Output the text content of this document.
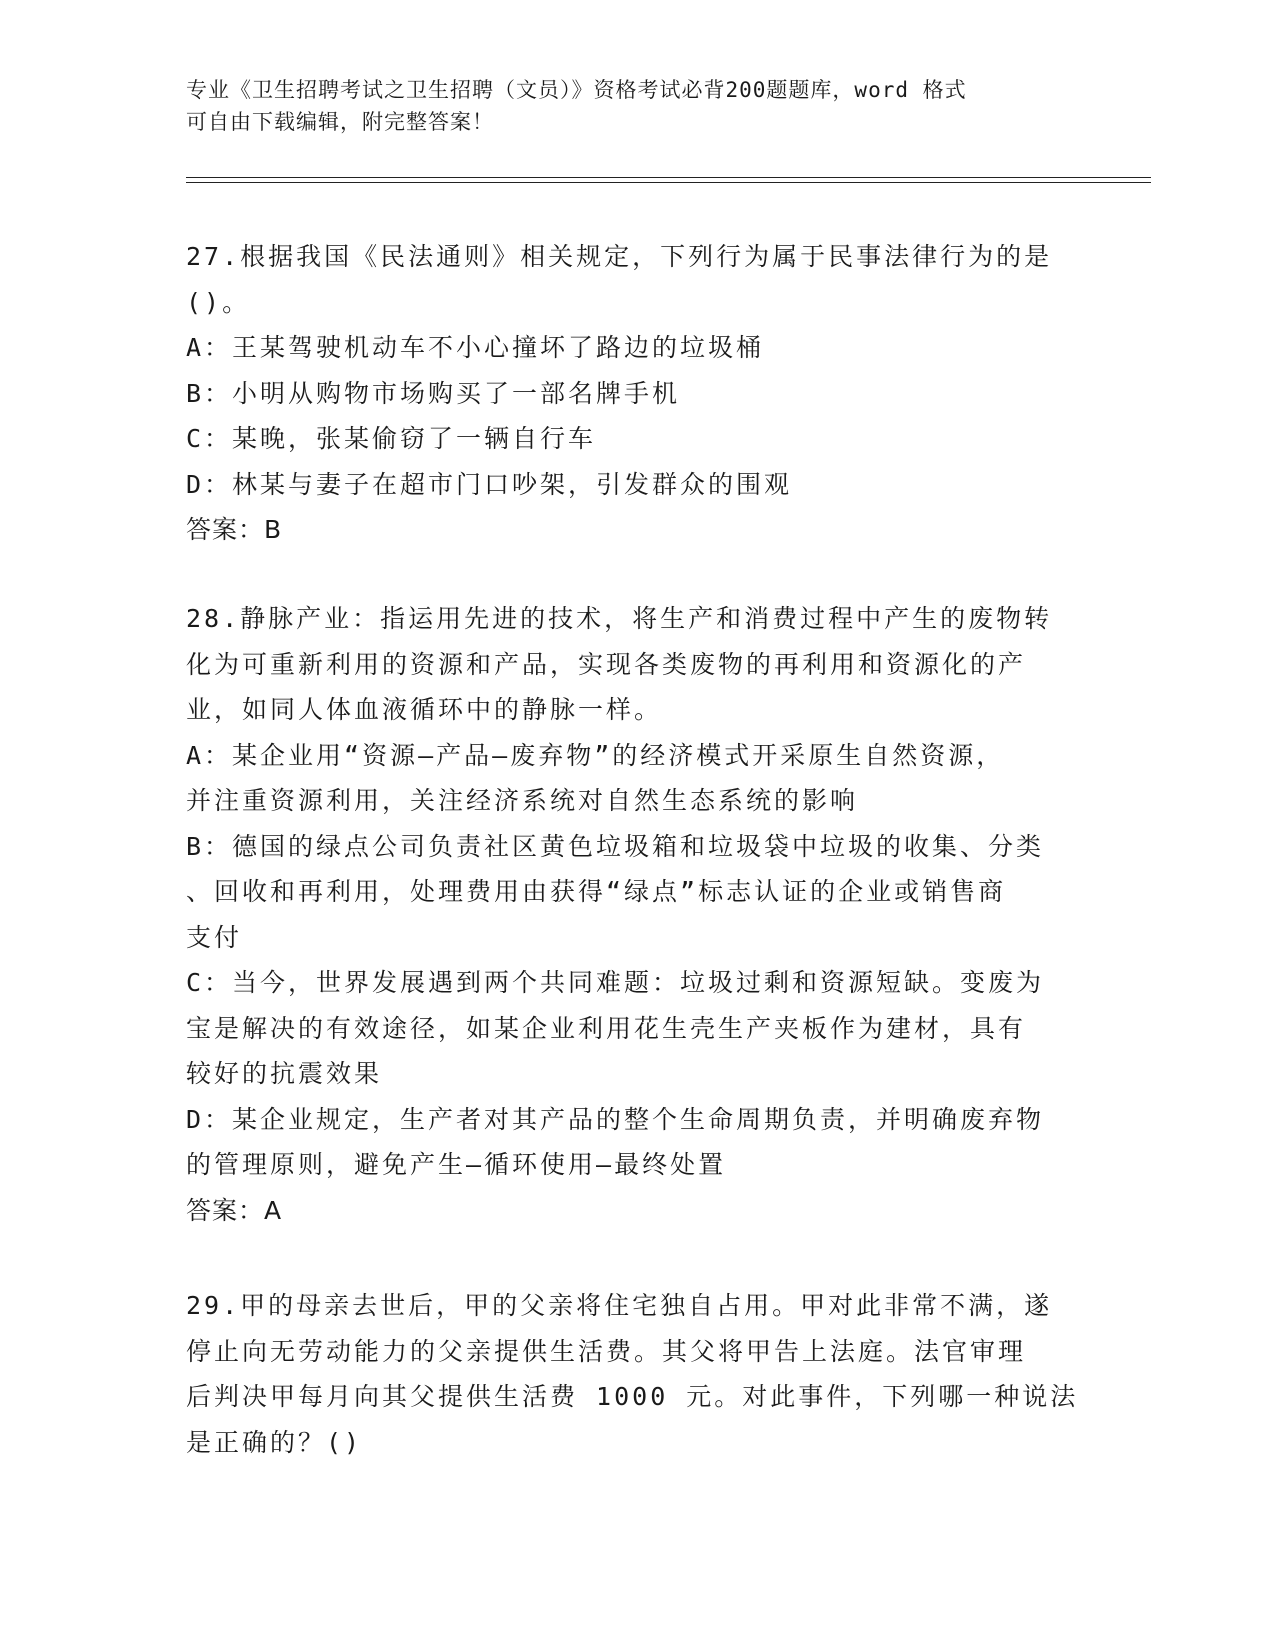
专业《卫生招聘考试之卫生招聘（文员）》资格考试必背200题题库，word 格式
可自由下载编辑，附完整答案！

27.根据我国《民法通则》相关规定，下列行为属于民事法律行为的是

()。

A：王某驾驶机动车不小心撞坏了路边的垃圾桶

B：小明从购物市场购买了一部名牌手机

C：某晚，张某偷窃了一辆自行车

D：林某与妻子在超市门口吵架，引发群众的围观

答案：B

28.静脉产业：指运用先进的技术，将生产和消费过程中产生的废物转

化为可重新利用的资源和产品，实现各类废物的再利用和资源化的产

业，如同人体血液循环中的静脉一样。

A：某企业用“资源—产品—废弃物”的经济模式开采原生自然资源，

并注重资源利用，关注经济系统对自然生态系统的影响

B：德国的绿点公司负责社区黄色垃圾箱和垃圾袋中垃圾的收集、分类

、回收和再利用，处理费用由获得“绿点”标志认证的企业或销售商

支付

C：当今，世界发展遇到两个共同难题：垃圾过剩和资源短缺。变废为

宝是解决的有效途径，如某企业利用花生壳生产夹板作为建材，具有

较好的抗震效果

D：某企业规定，生产者对其产品的整个生命周期负责，并明确废弃物

的管理原则，避免产生—循环使用—最终处置

答案：A

29.甲的母亲去世后，甲的父亲将住宅独自占用。甲对此非常不满，遂

停止向无劳动能力的父亲提供生活费。其父将甲告上法庭。法官审理

后判决甲每月向其父提供生活费 1000 元。对此事件，下列哪一种说法

是正确的？()
